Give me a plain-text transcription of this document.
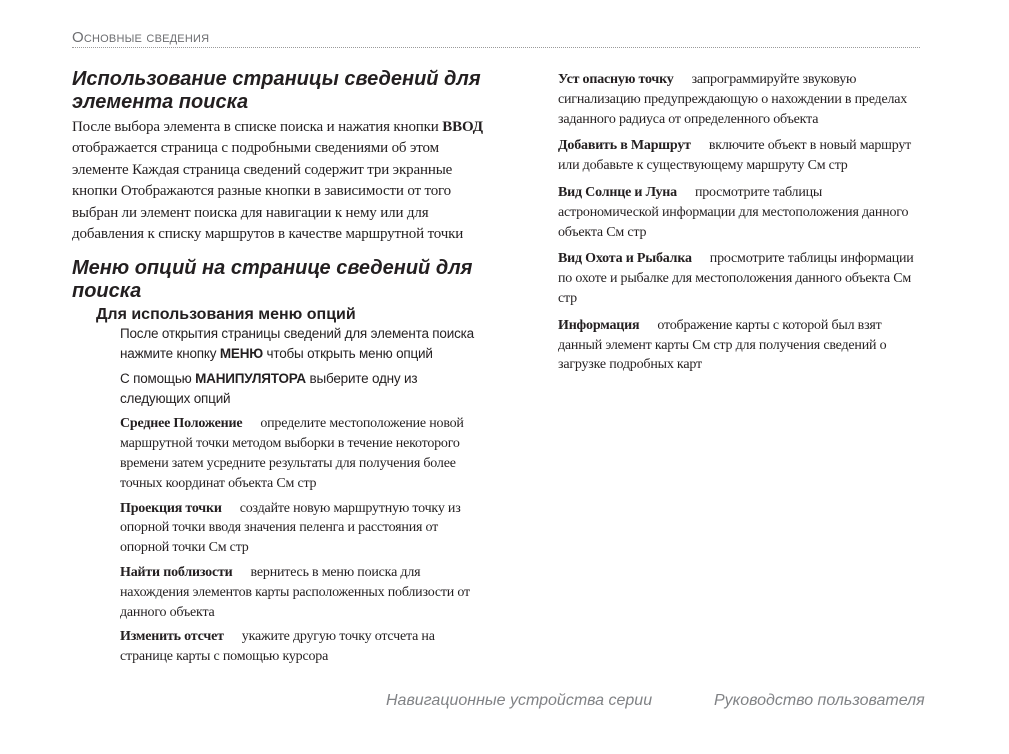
Основные сведения
Использование страницы сведений для элемента поиска

После выбора элемента в списке поиска и нажатия кнопки ВВОД отображается страница с подробными сведениями об этом элементе Каждая страница сведений содержит три экранные кнопки Отображаются разные кнопки в зависимости от того выбран ли элемент поиска для навигации к нему или для добавления к списку маршрутов в качестве маршрутной точки

Меню опций на странице сведений для поиска
Для использования меню опций

После открытия страницы сведений для элемента поиска нажмите кнопку МЕНЮ чтобы открыть меню опций

С помощью МАНИПУЛЯТОРА выберите одну из следующих опций

Среднее Положение определите местоположение новой маршрутной точки методом выборки в течение некоторого времени затем усредните результаты для получения более точных координат объекта См стр

Проекция точки создайте новую маршрутную точку из опорной точки вводя значения пеленга и расстояния от опорной точки См стр

Найти поблизости вернитесь в меню поиска для нахождения элементов карты расположенных поблизости от данного объекта

Изменить отсчет укажите другую точку отсчета на странице карты с помощью курсора

Уст опасную точку запрограммируйте звуковую сигнализацию предупреждающую о нахождении в пределах заданного радиуса от определенного объекта

Добавить в Маршрут включите объект в новый маршрут или добавьте к существующему маршруту См стр

Вид Солнце и Луна просмотрите таблицы астрономической информации для местоположения данного объекта См стр

Вид Охота и Рыбалка просмотрите таблицы информации по охоте и рыбалке для местоположения данного объекта См стр

Информация отображение карты с которой был взят данный элемент карты См стр для получения сведений о загрузке подробных карт

Навигационные устройства серии	Руководство пользователя
